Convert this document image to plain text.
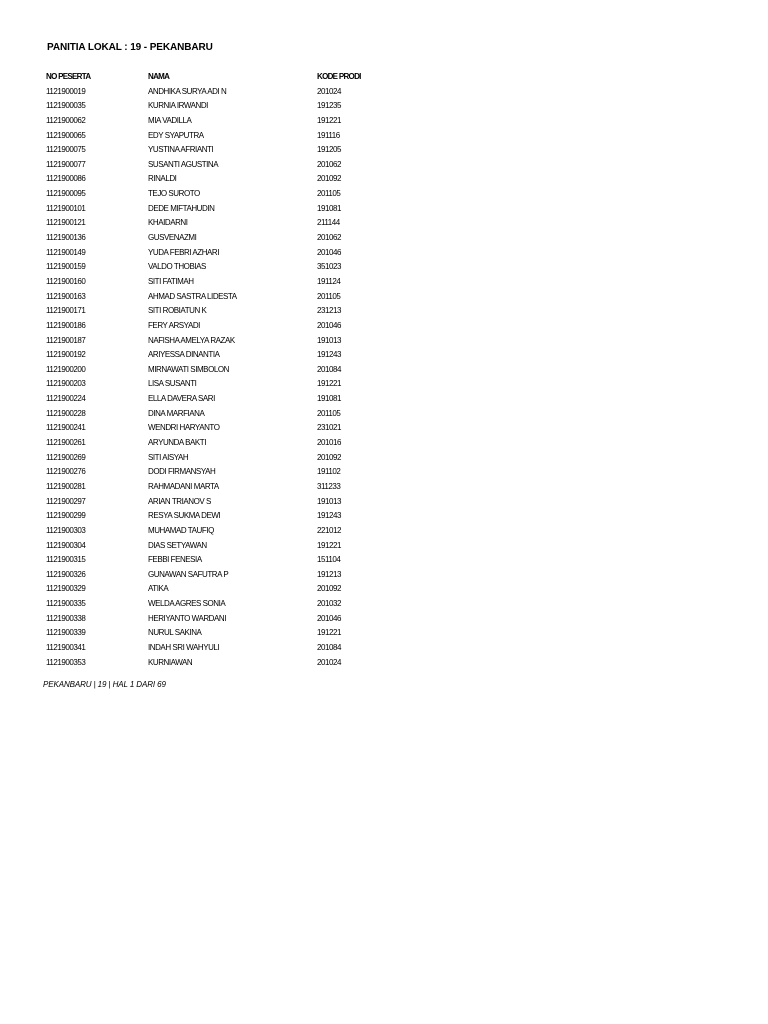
PANITIA LOKAL : 19 - PEKANBARU
NO PESERTA	NAMA	KODE PRODI
1121900019	ANDHIKA SURYA ADI N	201024
1121900035	KURNIA IRWANDI	191235
1121900062	MIA VADILLA	191221
1121900065	EDY SYAPUTRA	191116
1121900075	YUSTINA AFRIANTI	191205
1121900077	SUSANTI AGUSTINA	201062
1121900086	RINALDI	201092
1121900095	TEJO SUROTO	201105
1121900101	DEDE MIFTAHUDIN	191081
1121900121	KHAIDARNI	211144
1121900136	GUSVENAZMI	201062
1121900149	YUDA FEBRI AZHARI	201046
1121900159	VALDO THOBIAS	351023
1121900160	SITI FATIMAH	191124
1121900163	AHMAD SASTRA LIDESTA	201105
1121900171	SITI ROBIATUN K	231213
1121900186	FERY ARSYADI	201046
1121900187	NAFISHA AMELYA RAZAK	191013
1121900192	ARIYESSA DINANTIA	191243
1121900200	MIRNAWATI SIMBOLON	201084
1121900203	LISA SUSANTI	191221
1121900224	ELLA DAVERA SARI	191081
1121900228	DINA MARFIANA	201105
1121900241	WENDRI HARYANTO	231021
1121900261	ARYUNDA BAKTI	201016
1121900269	SITI AISYAH	201092
1121900276	DODI FIRMANSYAH	191102
1121900281	RAHMADANI MARTA	311233
1121900297	ARIAN TRIANOV S	191013
1121900299	RESYA SUKMA DEWI	191243
1121900303	MUHAMAD TAUFIQ	221012
1121900304	DIAS SETYAWAN	191221
1121900315	FEBBI FENESIA	151104
1121900326	GUNAWAN SAFUTRA P	191213
1121900329	ATIKA	201092
1121900335	WELDA AGRES SONIA	201032
1121900338	HERIYANTO WARDANI	201046
1121900339	NURUL SAKINA	191221
1121900341	INDAH SRI WAHYULI	201084
1121900353	KURNIAWAN	201024
PEKANBARU | 19 | HAL 1 DARI 69
